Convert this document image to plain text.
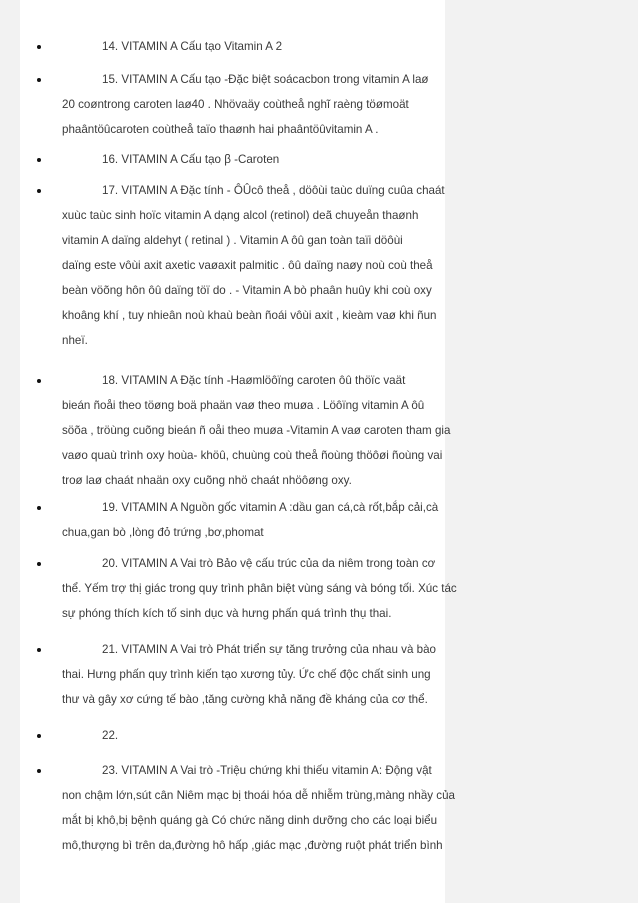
14. VITAMIN A Cấu tạo Vitamin A 2
15. VITAMIN A Cấu tạo -Đặc biệt soácacbon trong vitamin A laø
20 coøntrong caroten laø40 . Nhövaäy coùtheå nghĩ raèng töømoät
phaântöûcaroten coùtheå taïo thaønh hai phaântöûvitamin A .
16. VITAMIN A Cấu tạo β -Caroten
17. VITAMIN A Đặc tính - ÔÛcô theå , döôùi taùc duïng cuûa chaát
xuùc taùc sinh hoïc vitamin A dạng alcol (retinol) deã chuyeån thaønh
vitamin A daïng aldehyt ( retinal ) . Vitamin A ôû gan toàn taïi döôùi
daïng este vôùi axit axetic vaøaxit palmitic . ôû daïng naøy noù coù theå
beàn vöõng hôn ôû daïng töï do . - Vitamin A bò phaân huûy khi coù oxy
khoâng khí , tuy nhieân noù khaù beàn ñoái vôùi axit , kieàm vaø khi ñun
nheï.
18. VITAMIN A Đặc tính -Haømlöôïng caroten ôû thöïc vaät
bieán ñoåi theo töøng boä phaän vaø theo muøa . Löôïng vitamin A ôû
söõa , tröùng cuõng bieán ñ oåi theo muøa -Vitamin A vaø caroten tham gia
vaøo quaù trình oxy hoùa- khöû, chuùng coù theå ñoùng thöôøi ñoùng vai
troø laø chaát nhaän oxy cuõng nhö chaát nhöôøng oxy.
19. VITAMIN A Nguồn gốc vitamin A :dầu gan cá,cà rốt,bắp cải,cà
chua,gan bò ,lòng đỏ trứng ,bơ,phomat
20. VITAMIN A Vai trò Bảo vệ cấu trúc của da niêm trong toàn cơ
thể. Yếm trợ thị giác trong quy trình phân biệt vùng sáng và bóng tối. Xúc tác
sự phóng thích kích tố sinh dục và hưng phấn quá trình thụ thai.
21. VITAMIN A Vai trò Phát triển sự tăng trưởng của nhau và bào
thai. Hưng phấn quy trình kiến tạo xương tủy. Ức chế độc chất sinh ung
thư và gây xơ cứng tế bào ,tăng cường khả năng đề kháng của cơ thể.
22.
23. VITAMIN A Vai trò -Triệu chứng khi thiếu vitamin A: Động vật
non chậm lớn,sút cân Niêm mạc bị thoái hóa dễ nhiễm trùng,màng nhầy của
mắt bị khô,bị bệnh quáng gà Có chức năng dinh dưỡng cho các loại biểu
mô,thượng bì trên da,đường hô hấp ,giác mạc ,đường ruột phát triển bình
